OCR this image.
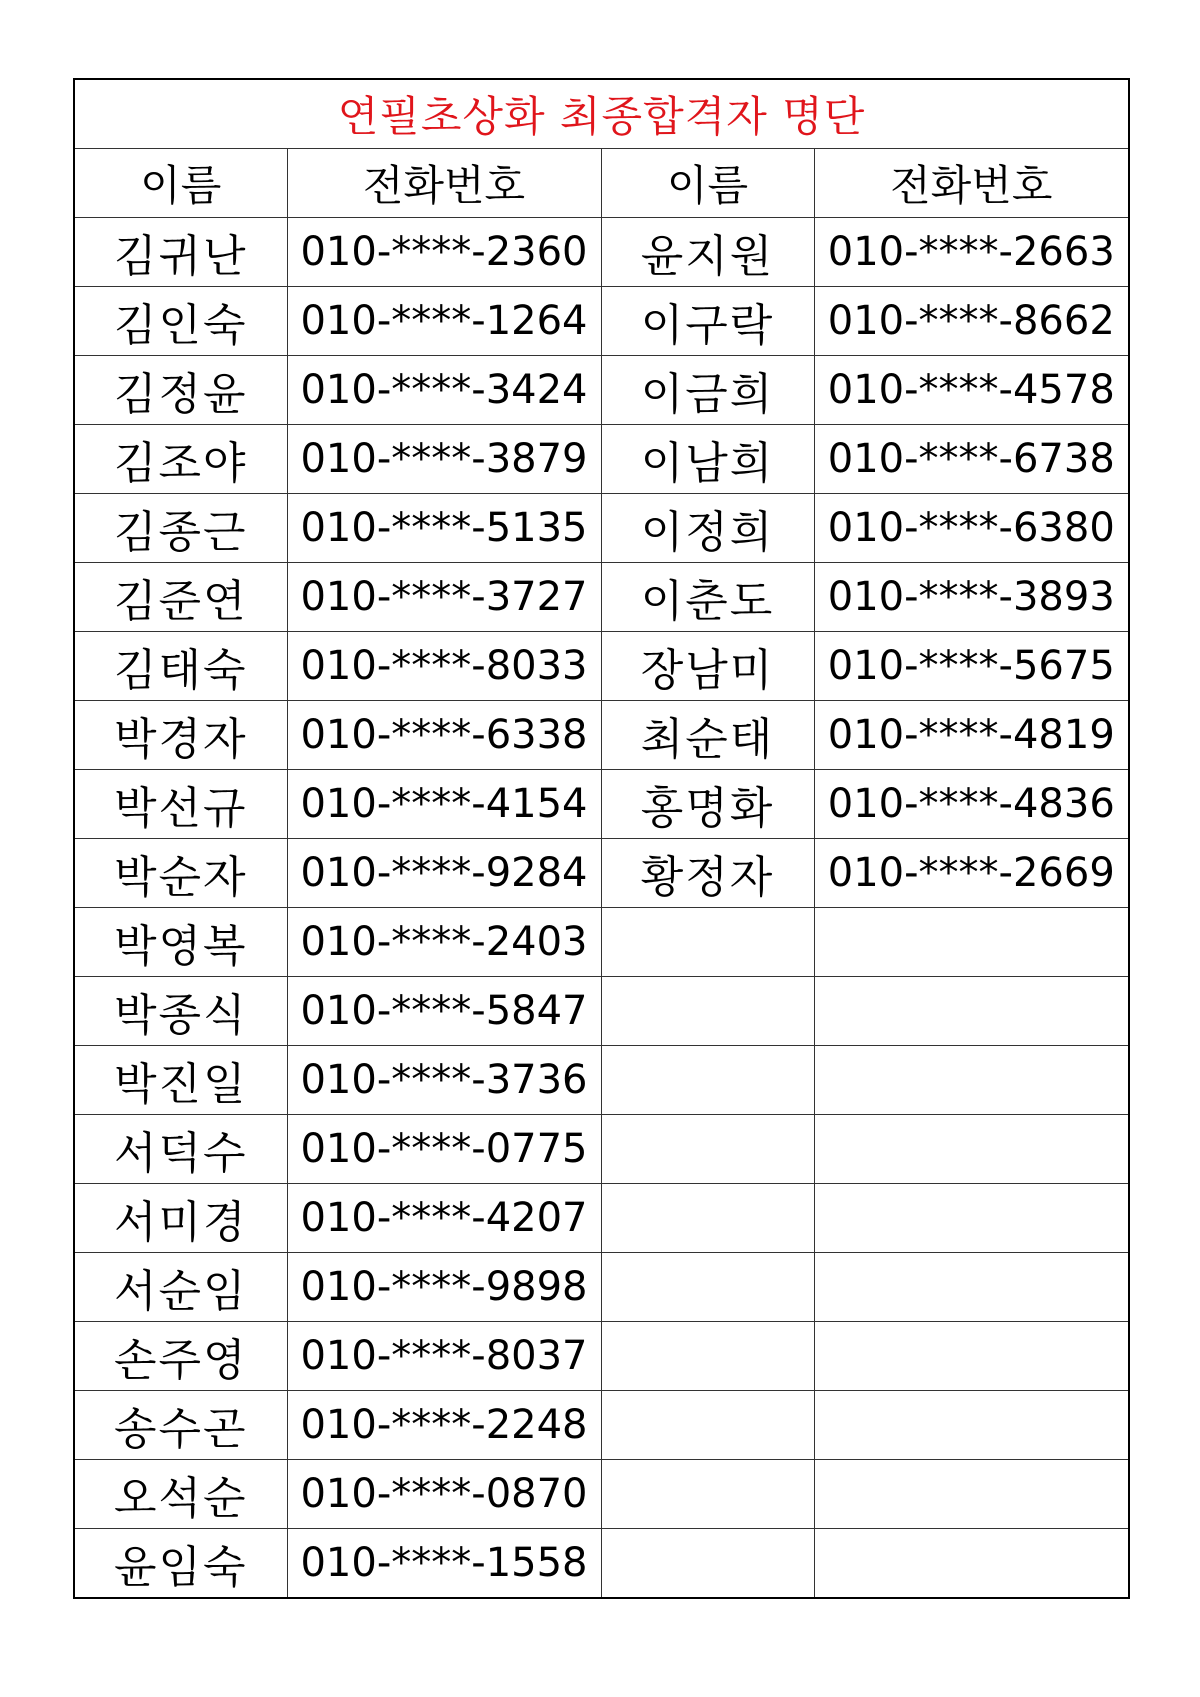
연필초상화 최종합격자 명단			
이름	전화번호	이름	전화번호
김귀난	010-****-2360	윤지원	010-****-2663
김인숙	010-****-1264	이구락	010-****-8662
김정윤	010-****-3424	이금희	010-****-4578
김조야	010-****-3879	이남희	010-****-6738
김종근	010-****-5135	이정희	010-****-6380
김준연	010-****-3727	이춘도	010-****-3893
김태숙	010-****-8033	장남미	010-****-5675
박경자	010-****-6338	최순태	010-****-4819
박선규	010-****-4154	홍명화	010-****-4836
박순자	010-****-9284	황정자	010-****-2669
박영복	010-****-2403		
박종식	010-****-5847		
박진일	010-****-3736		
서덕수	010-****-0775		
서미경	010-****-4207		
서순임	010-****-9898		
손주영	010-****-8037		
송수곤	010-****-2248		
오석순	010-****-0870		
윤임숙	010-****-1558		
